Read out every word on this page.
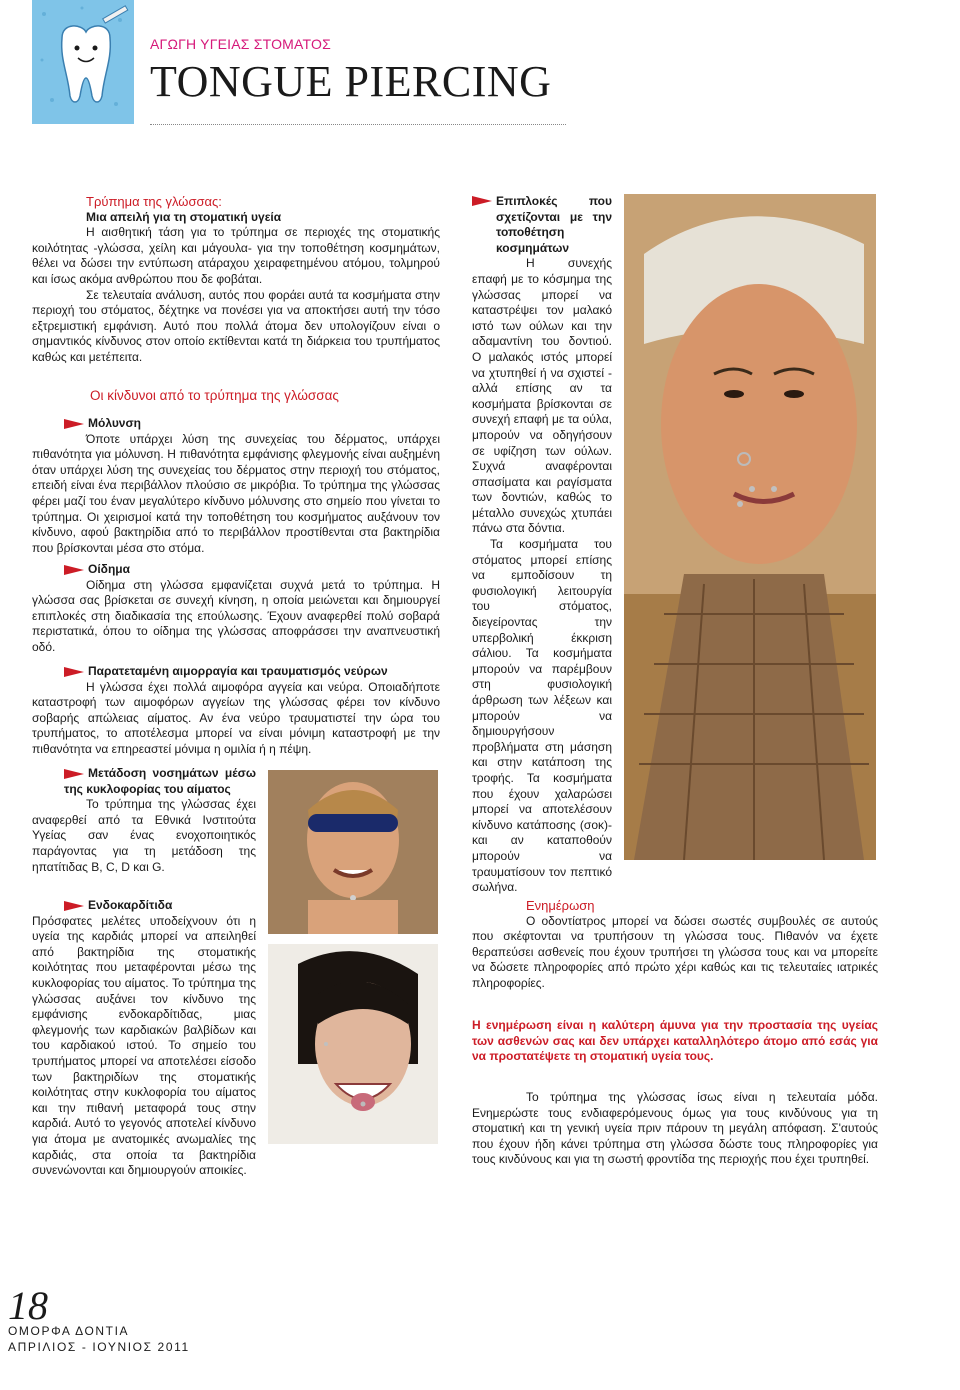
ΑΓΩΓΗ ΥΓΕΙΑΣ ΣΤΟΜΑΤΟΣ
TONGUE PIERCING
Τρύπημα της γλώσσας:
Μια απειλή για τη στοματική υγεία

Η αισθητική τάση για το τρύπημα σε περιοχές της στοματικής κοιλότητας -γλώσσα, χείλη και μάγουλα- για την τοποθέτηση κοσμημάτων, θέλει να δώσει την εντύπωση ατάραχου χειραφετημένου ατόμου, τολμηρού και ίσως ακόμα ανθρώπου που δε φοβάται.

Σε τελευταία ανάλυση, αυτός που φοράει αυτά τα κοσμήματα στην περιοχή του στόματος, δέχτηκε να πονέσει για να αποκτήσει αυτή την τόσο εξτρεμιστική εμφάνιση. Αυτό που πολλά άτομα δεν υπολογίζουν είναι ο σημαντικός κίνδυνος στον οποίο εκτίθενται κατά τη διάρκεια του τρυπήματος καθώς και μετέπειτα.

Οι κίνδυνοι από το τρύπημα της γλώσσας
Μόλυνση

Όποτε υπάρχει λύση της συνεχείας του δέρματος, υπάρχει πιθανότητα για μόλυνση. Η πιθανότητα εμφάνισης φλεγμονής είναι αυξημένη όταν υπάρχει λύση της συνεχείας του δέρματος στην περιοχή του στόματος, επειδή είναι ένα περιβάλλον πλούσιο σε μικρόβια. Το τρύπημα της γλώσσας φέρει μαζί του έναν μεγαλύτερο κίνδυνο μόλυνσης στο σημείο που γίνεται το τρύπημα. Οι χειρισμοί κατά την τοποθέτηση του κοσμήματος αυξάνουν τον κίνδυνο, αφού βακτηρίδια από το περιβάλλον προστίθενται στα βακτηρίδια που βρίσκονται μέσα στο στόμα.

Οίδημα

Οίδημα στη γλώσσα εμφανίζεται συχνά μετά το τρύπημα. Η γλώσσα σας βρίσκεται σε συνεχή κίνηση, η οποία μειώνεται και δημιουργεί επιπλοκές στη διαδικασία της επούλωσης. Έχουν αναφερθεί πολύ σοβαρά περιστατικά, όπου το οίδημα της γλώσσας αποφράσσει την αναπνευστική οδό.

Παρατεταμένη αιμορραγία και τραυματισμός νεύρων

Η γλώσσα έχει πολλά αιμοφόρα αγγεία και νεύρα. Οποιαδήποτε καταστροφή των αιμοφόρων αγγείων της γλώσσας φέρει τον κίνδυνο σοβαρής απώλειας αίματος. Αν ένα νεύρο τραυματιστεί την ώρα του τρυπήματος, το αποτέλεσμα μπορεί να είναι μόνιμη καταστροφή με την πιθανότητα να επηρεαστεί μόνιμα η ομιλία ή η πέψη.

Μετάδοση νοσημάτων μέσω της κυκλοφορίας του αίματος

Το τρύπημα της γλώσσας έχει αναφερθεί από τα Εθνικά Ινστιτούτα Υγείας σαν ένας ενοχοποιητικός παράγοντας για τη μετάδοση της ηπατίτιδας B, C, D και G.

Ενδοκαρδίτιδα

Πρόσφατες μελέτες υποδείχνουν ότι η υγεία της καρδιάς μπορεί να απειληθεί από βακτηρίδια της στοματικής κοιλότητας που μεταφέρονται μέσω της κυκλοφορίας του αίματος. Το τρύπημα της γλώσσας αυξάνει τον κίνδυνο της εμφάνισης ενδοκαρδίτιδας, μιας φλεγμονής των καρδιακών βαλβίδων και του καρδιακού ιστού. Το σημείο του τρυπήματος μπορεί να αποτελέσει είσοδο των βακτηριδίων της στοματικής κοιλότητας στην κυκλοφορία του αίματος και την πιθανή μεταφορά τους στην καρδιά. Αυτό το γεγονός αποτελεί κίνδυνο για άτομα με ανατομικές ανωμαλίες της καρδιάς, στα οποία τα βακτηρίδια συνενώνονται και δημιουργούν αποικίες.

Επιπλοκές που σχετίζονται με την τοποθέτηση κοσμημάτων

Η συνεχής επαφή με το κόσμημα της γλώσσας μπορεί να καταστρέψει τον μαλακό ιστό των ούλων και την αδαμαντίνη του δοντιού. Ο μαλακός ιστός μπορεί να χτυπηθεί ή να σχιστεί - αλλά επίσης αν τα κοσμήματα βρίσκονται σε συνεχή επαφή με τα ούλα, μπορούν να οδηγήσουν σε υφίζηση των ούλων. Συχνά αναφέρονται σπασίματα και ραγίσματα των δοντιών, καθώς το μέταλλο συνεχώς χτυπάει πάνω στα δόντια.

Τα κοσμήματα του στόματος μπορεί επίσης να εμποδίσουν τη φυσιολογική λειτουργία του στόματος, διεγείροντας την υπερβολική έκκριση σάλιου. Τα κοσμήματα μπορούν να παρέμβουν στη φυσιολογική άρθρωση των λέξεων και μπορούν να δημιουργήσουν προβλήματα στη μάσηση και στην κατάποση της τροφής. Τα κοσμήματα που έχουν χαλαρώσει μπορεί να αποτελέσουν κίνδυνο κατάποσης (σοκ)- και αν καταποθούν μπορούν να τραυματίσουν τον πεπτικό σωλήνα.

Ενημέρωση

Ο οδοντίατρος μπορεί να δώσει σωστές συμβουλές σε αυτούς που σκέφτονται να τρυπήσουν τη γλώσσα τους. Πιθανόν να έχετε θεραπεύσει ασθενείς που έχουν τρυπήσει τη γλώσσα τους και να μπορείτε να δώσετε πληροφορίες από πρώτο χέρι καθώς και τις τελευταίες ιατρικές πληροφορίες.

Η ενημέρωση είναι η καλύτερη άμυνα για την προστασία της υγείας των ασθενών σας και δεν υπάρχει καταλληλότερο άτομο από εσάς για να προστατέψετε τη στοματική υγεία τους.
Το τρύπημα της γλώσσας ίσως είναι η τελευταία μόδα. Ενημερώστε τους ενδιαφερόμενους όμως για τους κινδύνους για τη στοματική και τη γενική υγεία πριν πάρουν τη μεγάλη απόφαση. Σ'αυτούς που έχουν ήδη κάνει τρύπημα στη γλώσσα δώστε τους πληροφορίες για τους κινδύνους και για τη σωστή φροντίδα της περιοχής που έχει τρυπηθεί.
18
ΟΜΟΡΦΑ ΔΟΝΤΙΑ
ΑΠΡΙΛΙΟΣ - ΙΟΥΝΙΟΣ 2011
